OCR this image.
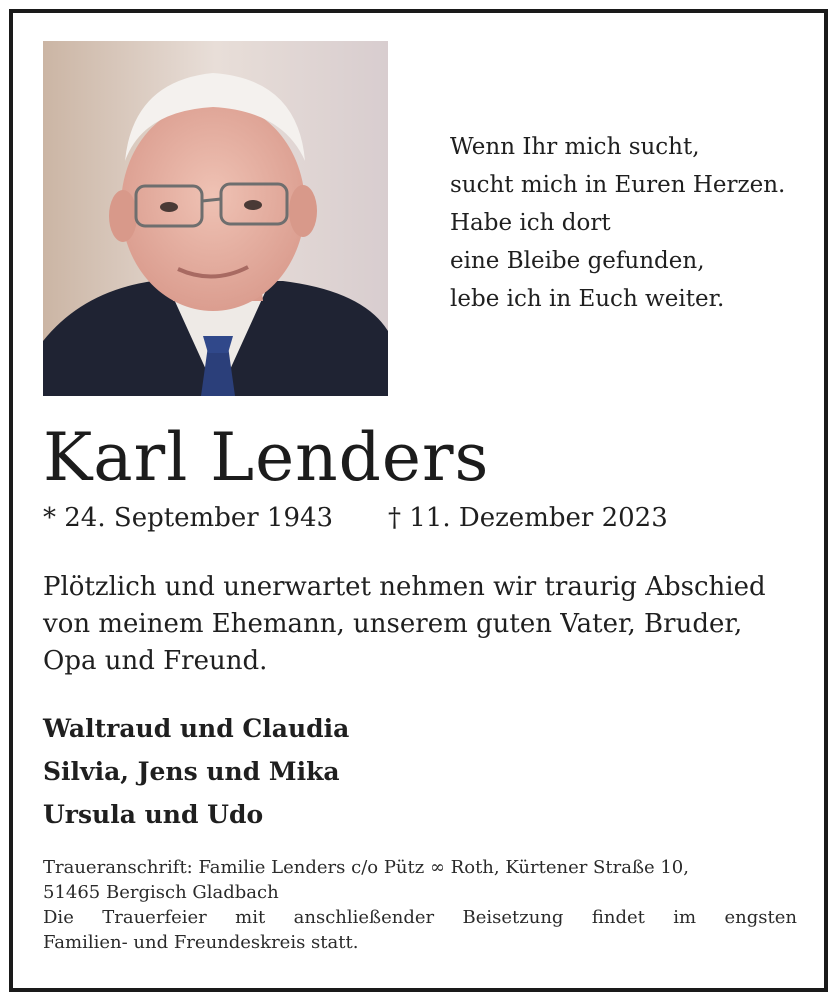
Wenn Ihr mich sucht,
sucht mich in Euren Herzen.
Habe ich dort
eine Bleibe gefunden,
lebe ich in Euch weiter.
Karl Lenders
* 24. September 1943 † 11. Dezember 2023
Plötzlich und unerwartet nehmen wir traurig Abschied
von meinem Ehemann, unserem guten Vater, Bruder,
Opa und Freund.
Waltraud und Claudia
Silvia, Jens und Mika
Ursula und Udo
Traueranschrift: Familie Lenders c/o Pütz ∞ Roth, Kürtener Straße 10,
51465 Bergisch Gladbach
Die Trauerfeier mit anschließender Beisetzung findet im engsten
Familien- und Freundeskreis statt.
